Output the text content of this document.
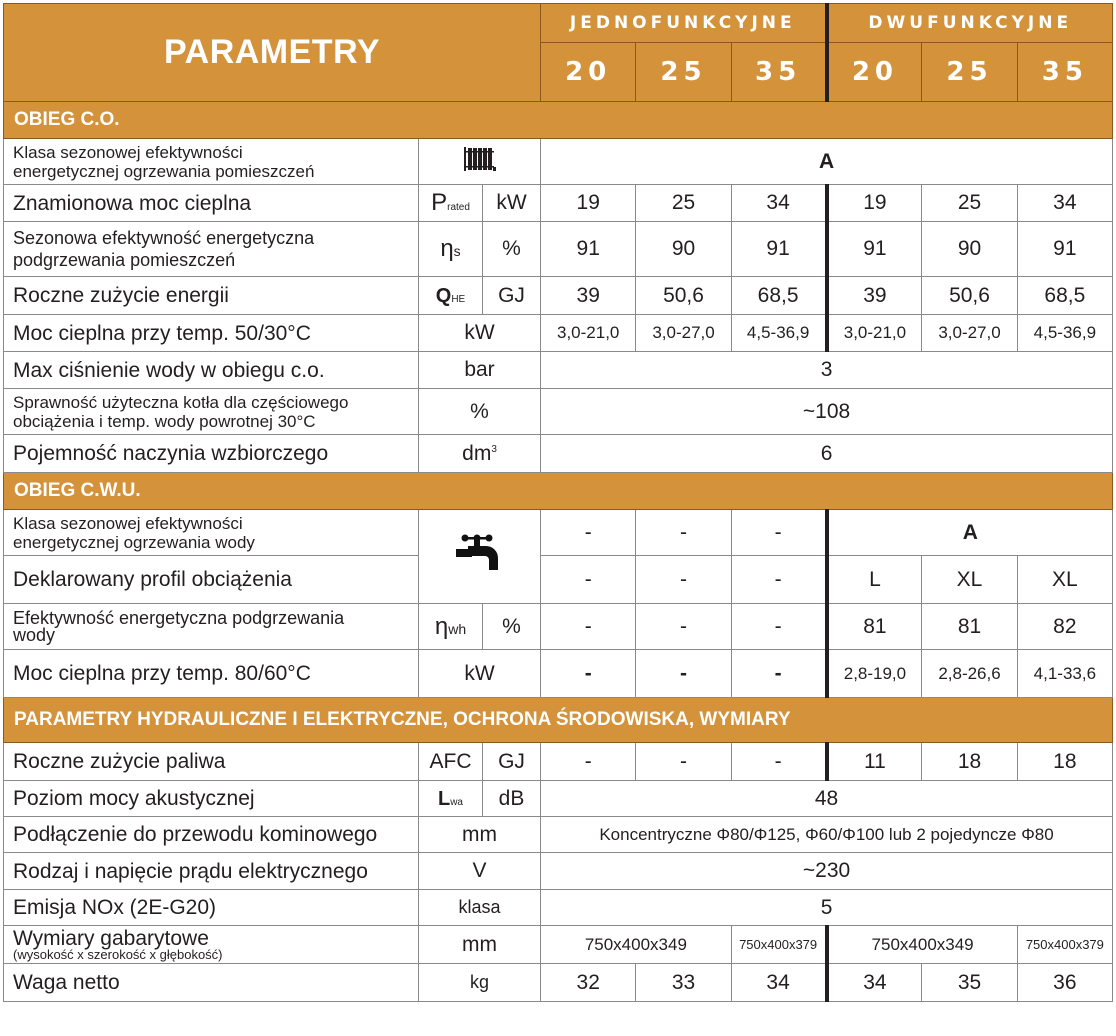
PARAMETRY			JEDNOFUNKCYJNE			DWUFUNKCYJNE		
			20	25	35	20	25	35
OBIEG C.O.								
Klasa sezonowej efektywności
energetycznej ogrzewania pomieszczeń			A					
Znamionowa moc cieplna	Prated	kW	19	25	34	19	25	34
Sezonowa efektywność energetyczna
podgrzewania pomieszczeń	ηs	%	91	90	91	91	90	91
Roczne zużycie energii	QHE	GJ	39	50,6	68,5	39	50,6	68,5
Moc cieplna przy temp. 50/30°C	kW		3,0-21,0	3,0-27,0	4,5-36,9	3,0-21,0	3,0-27,0	4,5-36,9
Max ciśnienie wody w obiegu c.o.	bar		3					
Sprawność użyteczna kotła dla częściowego
obciążenia i temp. wody powrotnej 30°C	%		~108					
Pojemność naczynia wzbiorczego	$dm^3$		6					
OBIEG C.W.U.								
Klasa sezonowej efektywności
energetycznej ogrzewania wody			-	-	-	A		
Deklarowany profil obciążenia			-	-	-	L	XL	XL
Efektywność energetyczna podgrzewania
wody	ηwh	%	-	-	-	81	81	82
Moc cieplna przy temp. 80/60°C	kW		-	-	-	2,8-19,0	2,8-26,6	4,1-33,6
PARAMETRY HYDRAULICZNE I ELEKTRYCZNE, OCHRONA ŚRODOWISKA, WYMIARY								
Roczne zużycie paliwa	AFC	GJ	-	-	-	11	18	18
Poziom mocy akustycznej	Lwa	dB	48					
Podłączenie do przewodu kominowego	mm		Koncentryczne Φ80/Φ125, Φ60/Φ100 lub 2 pojedyncze Φ80					
Rodzaj i napięcie prądu elektrycznego	V		~230					
Emisja NOx (2E-G20)	klasa		5					
Wymiary gabarytowe
(wysokość x szerokość x głębokość)	mm		750x400x349		750x400x379	750x400x349		750x400x379
Waga netto	kg		32	33	34	34	35	36
